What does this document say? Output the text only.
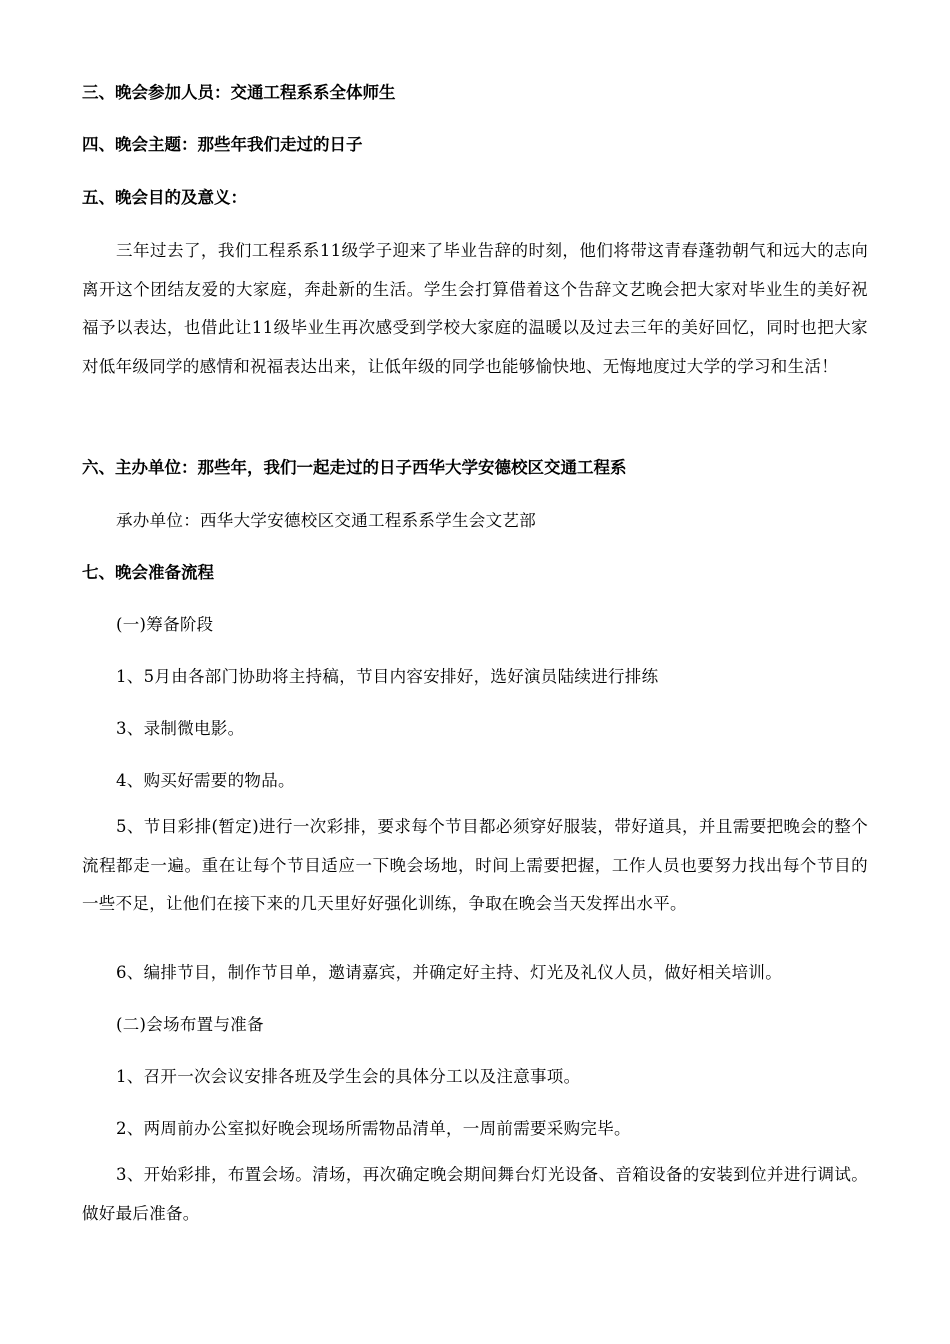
三、晚会参加人员：交通工程系系全体师生

四、晚会主题：那些年我们走过的日子

五、晚会目的及意义：

三年过去了，我们工程系系11级学子迎来了毕业告辞的时刻，他们将带这青春蓬勃朝气和远大的志向离开这个团结友爱的大家庭，奔赴新的生活。学生会打算借着这个告辞文艺晚会把大家对毕业生的美好祝福予以表达，也借此让11级毕业生再次感受到学校大家庭的温暖以及过去三年的美好回忆，同时也把大家对低年级同学的感情和祝福表达出来，让低年级的同学也能够愉快地、无悔地度过大学的学习和生活！

六、主办单位：那些年，我们一起走过的日子西华大学安德校区交通工程系

承办单位：西华大学安德校区交通工程系系学生会文艺部

七、晚会准备流程

(一)筹备阶段

1、5月由各部门协助将主持稿，节目内容安排好，选好演员陆续进行排练

3、录制微电影。

4、购买好需要的物品。

5、节目彩排(暂定)进行一次彩排，要求每个节目都必须穿好服装，带好道具，并且需要把晚会的整个流程都走一遍。重在让每个节目适应一下晚会场地，时间上需要把握，工作人员也要努力找出每个节目的一些不足，让他们在接下来的几天里好好强化训练，争取在晚会当天发挥出水平。

6、编排节目，制作节目单，邀请嘉宾，并确定好主持、灯光及礼仪人员，做好相关培训。

(二)会场布置与准备

1、召开一次会议安排各班及学生会的具体分工以及注意事项。

2、两周前办公室拟好晚会现场所需物品清单，一周前需要采购完毕。

3、开始彩排，布置会场。清场，再次确定晚会期间舞台灯光设备、音箱设备的安装到位并进行调试。做好最后准备。
